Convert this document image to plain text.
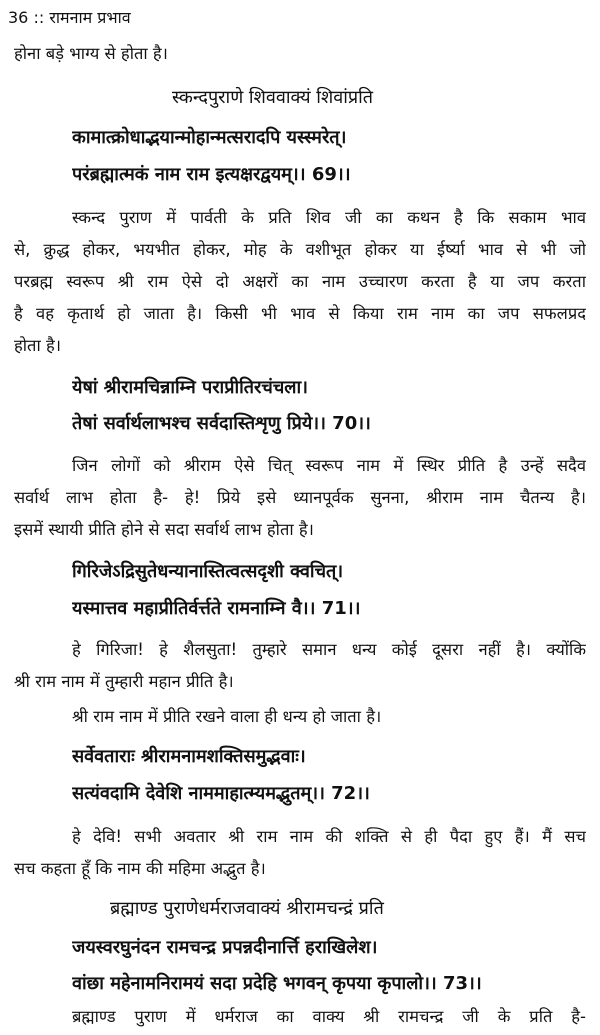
36 :: रामनाम प्रभाव
होना बड़े भाग्य से होता है।
स्कन्दपुराणे शिववाक्यं शिवांप्रति
कामात्क्रोधाद्भयान्मोहान्मत्सरादपि यस्स्मरेत्।
परंब्रह्मात्मकं नाम राम इत्यक्षरद्वयम्।। 69।।
स्कन्द पुराण में पार्वती के प्रति शिव जी का कथन है कि सकाम भाव
से, क्रुद्ध होकर, भयभीत होकर, मोह के वशीभूत होकर या ईर्ष्या भाव से भी जो
परब्रह्म स्वरूप श्री राम ऐसे दो अक्षरों का नाम उच्चारण करता है या जप करता
है वह कृतार्थ हो जाता है। किसी भी भाव से किया राम नाम का जप सफलप्रद
होता है।
येषां श्रीरामचिन्नाम्नि पराप्रीतिरचंचला।
तेषां सर्वार्थलाभश्च सर्वदास्तिशृणु प्रिये।। 70।।
जिन लोगों को श्रीराम ऐसे चित् स्वरूप नाम में स्थिर प्रीति है उन्हें सदैव
सर्वार्थ लाभ होता है- हे! प्रिये इसे ध्यानपूर्वक सुनना, श्रीराम नाम चैतन्य है।
इसमें स्थायी प्रीति होने से सदा सर्वार्थ लाभ होता है।
गिरिजेऽद्रिसुतेधन्यानास्तित्वत्सदृशी क्वचित्।
यस्मात्तव महाप्रीतिर्वर्त्तते रामनाम्नि वै।। 71।।
हे गिरिजा! हे शैलसुता! तुम्हारे समान धन्य कोई दूसरा नहीं है। क्योंकि
श्री राम नाम में तुम्हारी महान प्रीति है।
श्री राम नाम में प्रीति रखने वाला ही धन्य हो जाता है।
सर्वेवताराः श्रीरामनामशक्तिसमुद्भवाः।
सत्यंवदामि देवेशि नाममाहात्म्यमद्भुतम्।। 72।।
हे देवि! सभी अवतार श्री राम नाम की शक्ति से ही पैदा हुए हैं। मैं सच
सच कहता हूँ कि नाम की महिमा अद्भुत है।
ब्रह्माण्ड पुराणेधर्मराजवाक्यं श्रीरामचन्द्रं प्रति
जयस्वरघुनंदन रामचन्द्र प्रपन्नदीनार्त्ति हराखिलेश।
वांछा महेनामनिरामयं सदा प्रदेहि भगवन् कृपया कृपालो।। 73।।
ब्रह्माण्ड पुराण में धर्मराज का वाक्य श्री रामचन्द्र जी के प्रति है-
